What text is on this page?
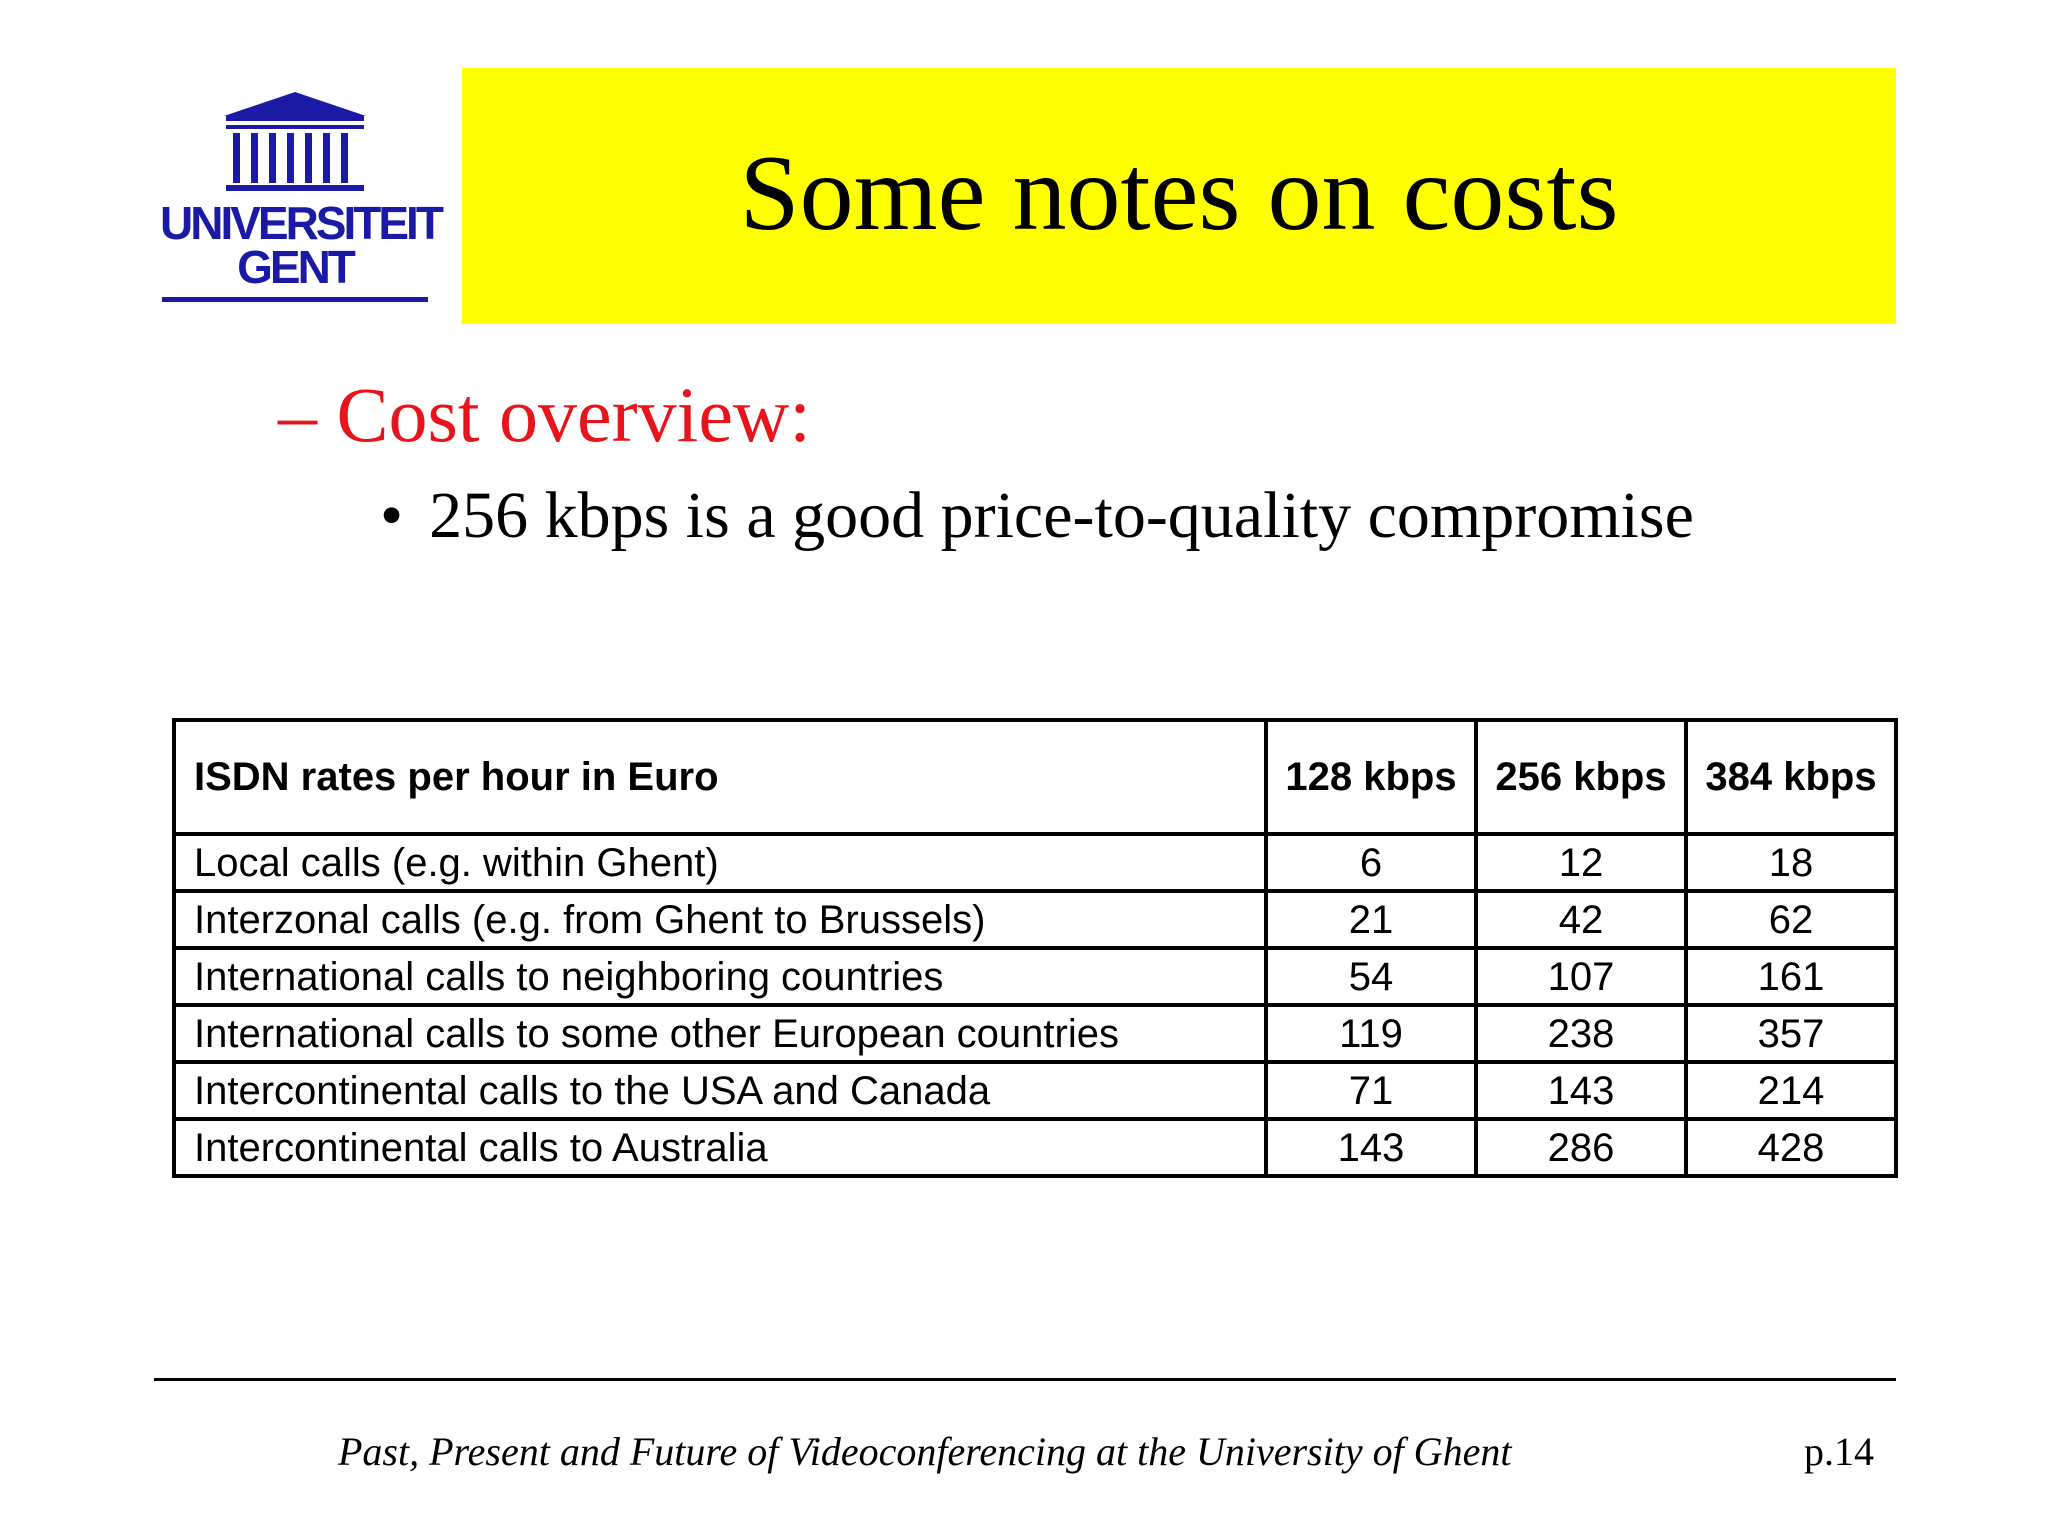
UNIVERSITEIT
GENT
Some notes on costs
– Cost overview:
• 256 kbps is a good price-to-quality compromise
ISDN rates per hour in Euro	128 kbps	256 kbps	384 kbps
Local calls (e.g. within Ghent)	6	12	18
Interzonal calls (e.g. from Ghent to Brussels)	21	42	62
International calls to neighboring countries	54	107	161
International calls to some other European countries	119	238	357
Intercontinental calls to the USA and Canada	71	143	214
Intercontinental calls to Australia	143	286	428
Past, Present and Future of Videoconferencing at the University of Ghent	p.14
